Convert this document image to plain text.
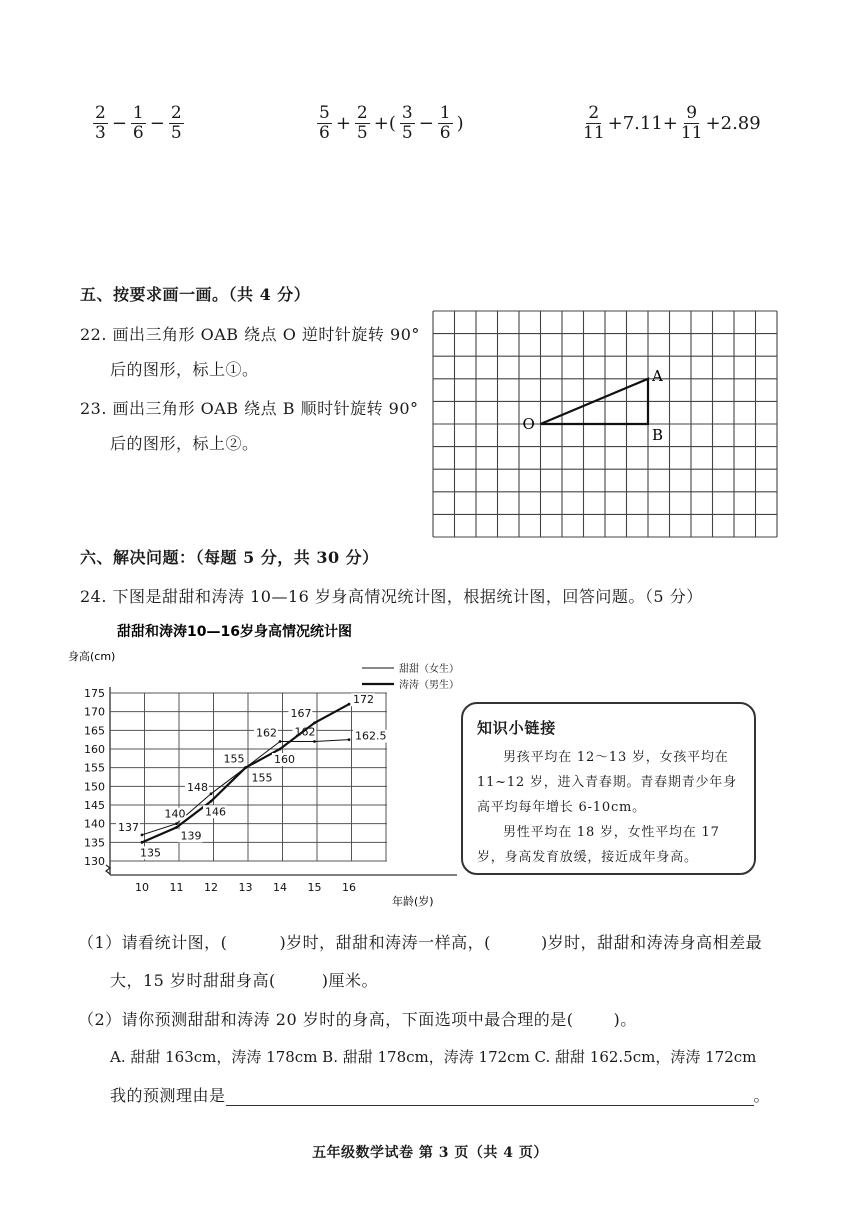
$\frac{2}{3} - \frac{1}{6} - \frac{2}{5}$	$\frac{5}{6} + \frac{2}{5}$ +( $\frac{3}{5} - \frac{1}{6}$ )	$\frac{2}{11} +7.11+ \frac{9}{11} +2.89$
五、按要求画一画。（共 4 分）
22. 画出三角形 OAB 绕点 O 逆时针旋转 90°
后的图形，标上①。
23. 画出三角形 OAB 绕点 B 顺时针旋转 90°
后的图形，标上②。
O
A
B
六、解决问题：（每题 5 分，共 30 分）
24. 下图是甜甜和涛涛 10—16 岁身高情况统计图，根据统计图，回答问题。（5 分）
甜甜和涛涛10—16岁身高情况统计图
身高(cm)
年龄(岁)
130
135
140
145
150
155
160
165
170
175
10 11 12 13 14 15 16
137
140
148
155
162 162	162.5
135
139
146
155
160
167
172
甜甜（女生）
涛涛（男生）

知识小链接

男孩平均在 12～13 岁，女孩平均在 11~12 岁，进入青春期。青春期青少年身高平均每年增长 6-10cm。

男性平均在 18 岁，女性平均在 17 岁，身高发育放缓，接近成年身高。

（1）请看统计图，(	)岁时，甜甜和涛涛一样高，(	)岁时，甜甜和涛涛身高相差最
大，15 岁时甜甜身高(	)厘米。
（2）请你预测甜甜和涛涛 20 岁时的身高，下面选项中最合理的是(	)。
A. 甜甜 163cm，涛涛 178cm B. 甜甜 178cm，涛涛 172cm C. 甜甜 162.5cm，涛涛 172cm
我的预测理由是	。
五年级数学试卷 第 3 页（共 4 页）
